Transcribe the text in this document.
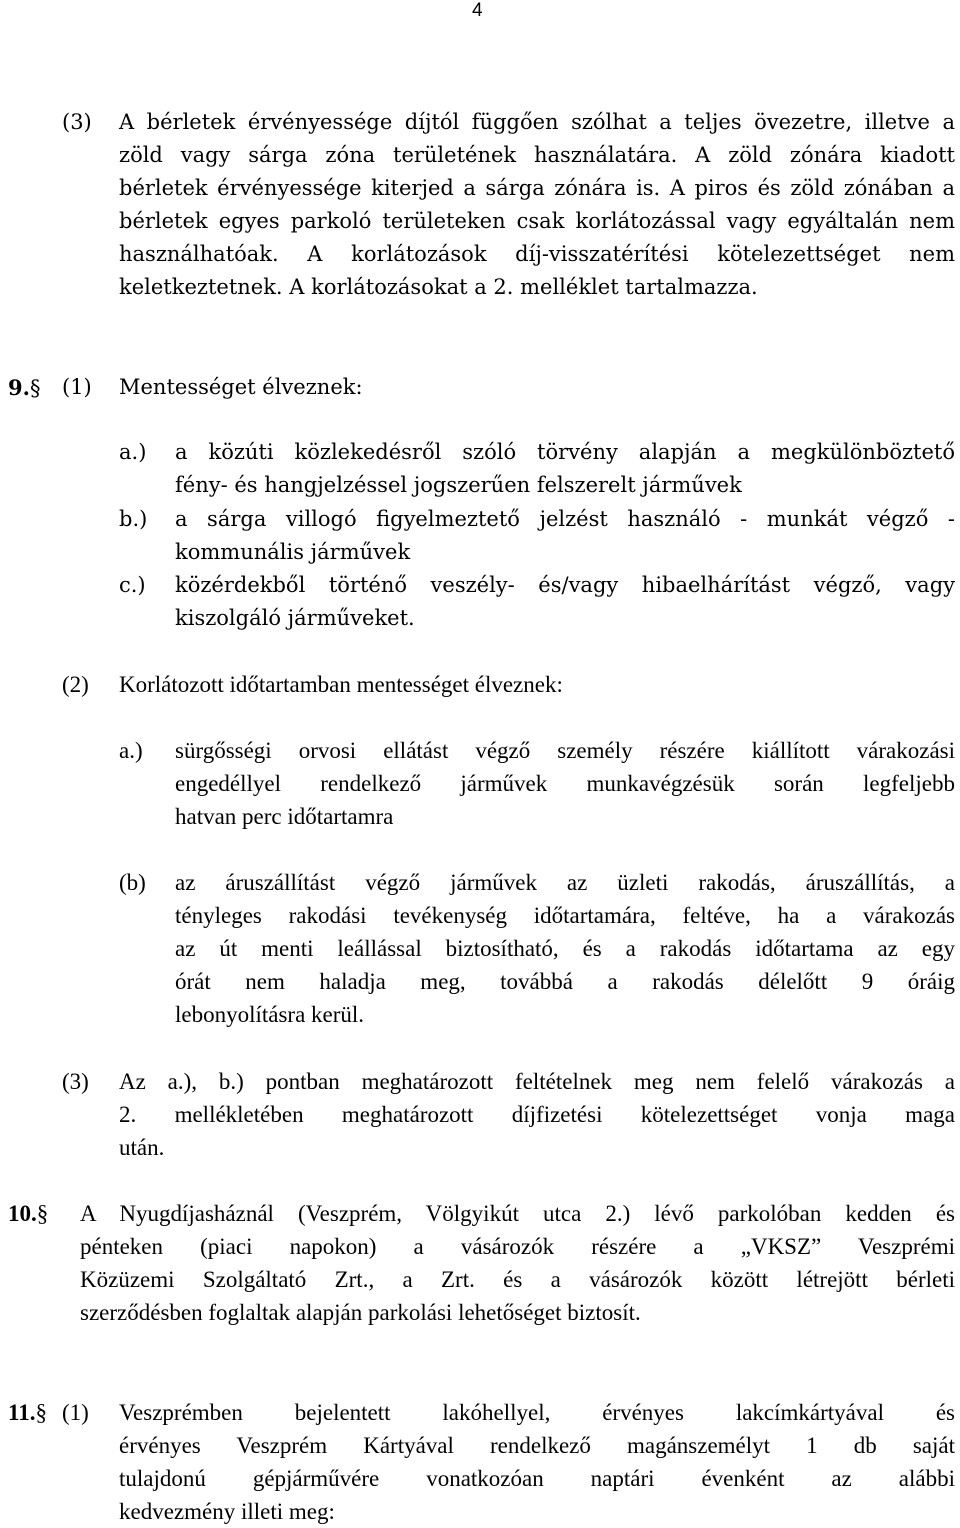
4
(3) A bérletek érvényessége díjtól függően szólhat a teljes övezetre, illetve a
zöld vagy sárga zóna területének használatára. A zöld zónára kiadott
bérletek érvényessége kiterjed a sárga zónára is. A piros és zöld zónában a
bérletek egyes parkoló területeken csak korlátozással vagy egyáltalán nem
használhatóak. A korlátozások díj-visszatérítési kötelezettséget nem
keletkeztetnek. A korlátozásokat a 2. melléklet tartalmazza.
9.§ (1) Mentességet élveznek:
a.) a közúti közlekedésről szóló törvény alapján a megkülönböztető
fény- és hangjelzéssel jogszerűen felszerelt járművek
b.) a sárga villogó figyelmeztető jelzést használó - munkát végző -
kommunális járművek
c.) közérdekből történő veszély- és/vagy hibaelhárítást végző, vagy
kiszolgáló járműveket.
(2) Korlátozott időtartamban mentességet élveznek:
a.) sürgősségi orvosi ellátást végző személy részére kiállított várakozási
engedéllyel rendelkező járművek munkavégzésük során legfeljebb
hatvan perc időtartamra
(b) az áruszállítást végző járművek az üzleti rakodás, áruszállítás, a
tényleges rakodási tevékenység időtartamára, feltéve, ha a várakozás
az út menti leállással biztosítható, és a rakodás időtartama az egy
órát nem haladja meg, továbbá a rakodás délelőtt 9 óráig
lebonyolításra kerül.
(3) Az a.), b.) pontban meghatározott feltételnek meg nem felelő várakozás a
2. mellékletében meghatározott díjfizetési kötelezettséget vonja maga
után.
10.§ A Nyugdíjasháznál (Veszprém, Völgyikút utca 2.) lévő parkolóban kedden és
pénteken (piaci napokon) a vásározók részére a „VKSZ” Veszprémi
Közüzemi Szolgáltató Zrt., a Zrt. és a vásározók között létrejött bérleti
szerződésben foglaltak alapján parkolási lehetőséget biztosít.
11.§ (1) Veszprémben bejelentett lakóhellyel, érvényes lakcímkártyával és
érvényes Veszprém Kártyával rendelkező magánszemélyt 1 db saját
tulajdonú gépjárművére vonatkozóan naptári évenként az alábbi
kedvezmény illeti meg:
